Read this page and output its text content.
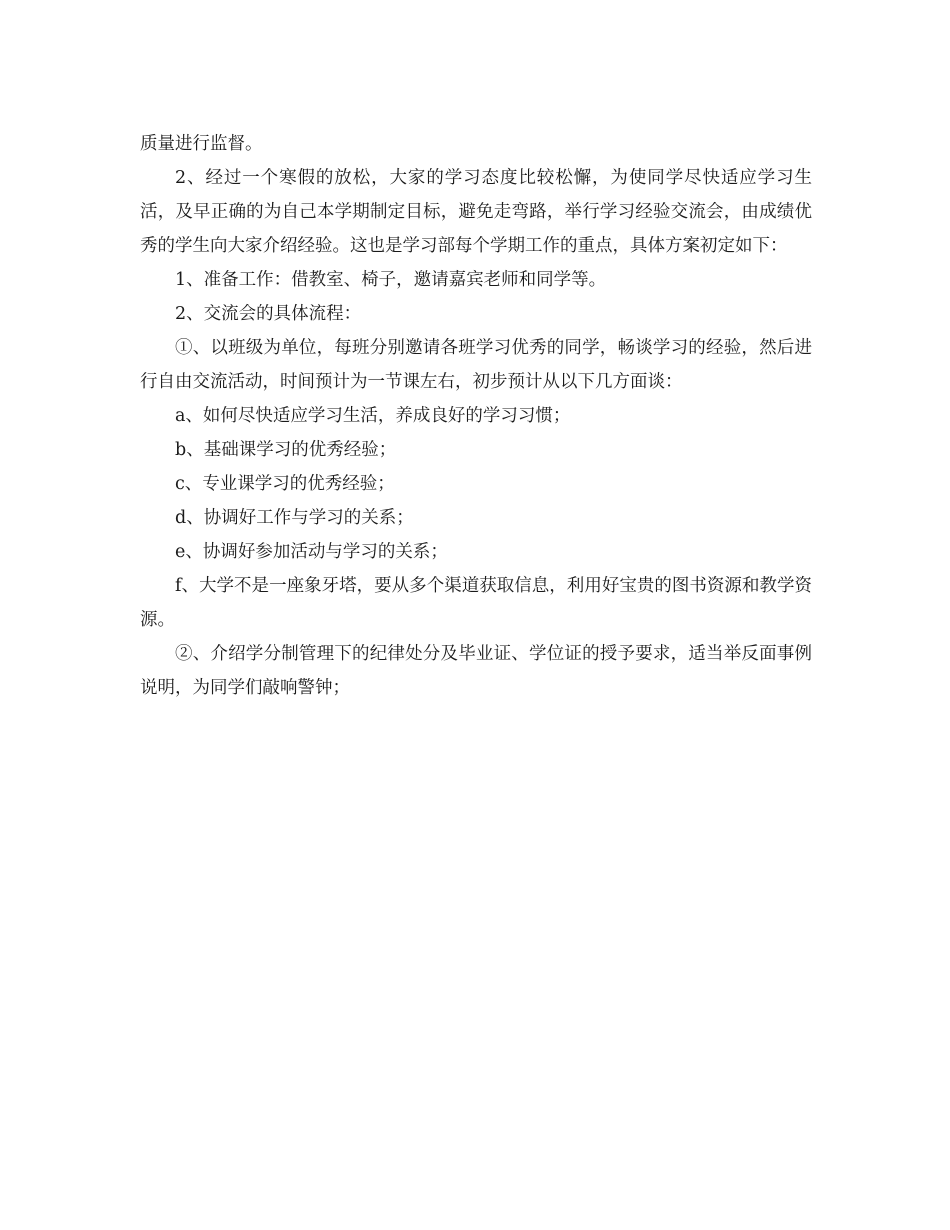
质量进行监督。

2、经过一个寒假的放松，大家的学习态度比较松懈，为使同学尽快适应学习生活，及早正确的为自己本学期制定目标，避免走弯路，举行学习经验交流会，由成绩优秀的学生向大家介绍经验。这也是学习部每个学期工作的重点，具体方案初定如下：

1、准备工作：借教室、椅子，邀请嘉宾老师和同学等。

2、交流会的具体流程：

①、以班级为单位，每班分别邀请各班学习优秀的同学，畅谈学习的经验，然后进行自由交流活动，时间预计为一节课左右，初步预计从以下几方面谈：

a、如何尽快适应学习生活，养成良好的学习习惯；

b、基础课学习的优秀经验；

c、专业课学习的优秀经验；

d、协调好工作与学习的关系；

e、协调好参加活动与学习的关系；

f、大学不是一座象牙塔，要从多个渠道获取信息，利用好宝贵的图书资源和教学资源。

②、介绍学分制管理下的纪律处分及毕业证、学位证的授予要求，适当举反面事例说明，为同学们敲响警钟；
